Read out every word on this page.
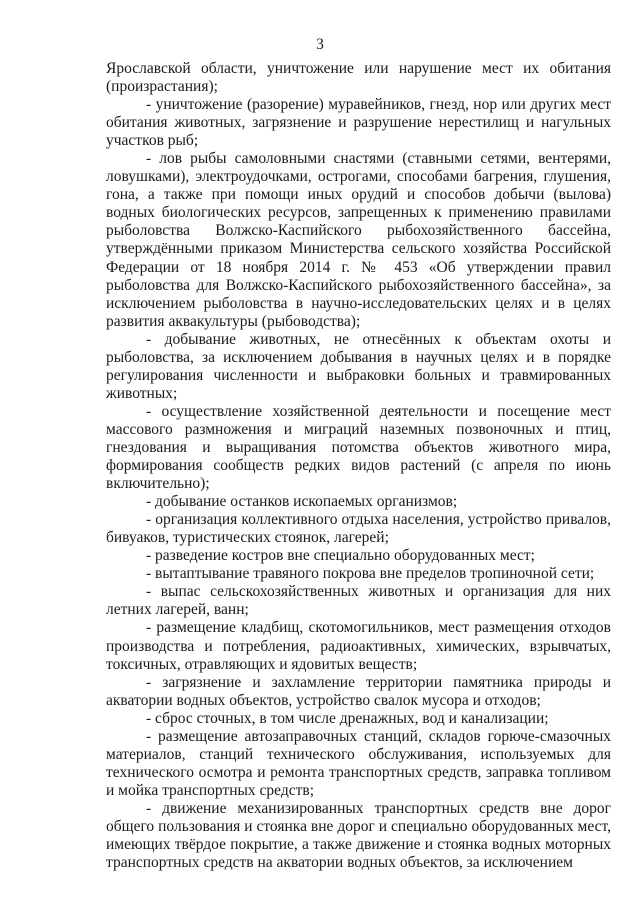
3

Ярославской области, уничтожение или нарушение мест их обитания (произрастания);

- уничтожение (разорение) муравейников, гнезд, нор или других мест обитания животных, загрязнение и разрушение нерестилищ и нагульных участков рыб;

- лов рыбы самоловными снастями (ставными сетями, вентерями, ловушками), электроудочками, острогами, способами багрения, глушения, гона, а также при помощи иных орудий и способов добычи (вылова) водных биологических ресурсов, запрещенных к применению правилами рыболовства Волжско-Каспийского рыбохозяйственного бассейна, утверждёнными приказом Министерства сельского хозяйства Российской Федерации от 18 ноября 2014 г. № 453 «Об утверждении правил рыболовства для Волжско-Каспийского рыбохозяйственного бассейна», за исключением рыболовства в научно-исследовательских целях и в целях развития аквакультуры (рыбоводства);

- добывание животных, не отнесённых к объектам охоты и рыболовства, за исключением добывания в научных целях и в порядке регулирования численности и выбраковки больных и травмированных животных;

- осуществление хозяйственной деятельности и посещение мест массового размножения и миграций наземных позвоночных и птиц, гнездования и выращивания потомства объектов животного мира, формирования сообществ редких видов растений (с апреля по июнь включительно);

- добывание останков ископаемых организмов;

- организация коллективного отдыха населения, устройство привалов, бивуаков, туристических стоянок, лагерей;

- разведение костров вне специально оборудованных мест;

- вытаптывание травяного покрова вне пределов тропиночной сети;

- выпас сельскохозяйственных животных и организация для них летних лагерей, ванн;

- размещение кладбищ, скотомогильников, мест размещения отходов производства и потребления, радиоактивных, химических, взрывчатых, токсичных, отравляющих и ядовитых веществ;

- загрязнение и захламление территории памятника природы и акватории водных объектов, устройство свалок мусора и отходов;

- сброс сточных, в том числе дренажных, вод и канализации;

- размещение автозаправочных станций, складов горюче-смазочных материалов, станций технического обслуживания, используемых для технического осмотра и ремонта транспортных средств, заправка топливом и мойка транспортных средств;

- движение механизированных транспортных средств вне дорог общего пользования и стоянка вне дорог и специально оборудованных мест, имеющих твёрдое покрытие, а также движение и стоянка водных моторных транспортных средств на акватории водных объектов, за исключением
